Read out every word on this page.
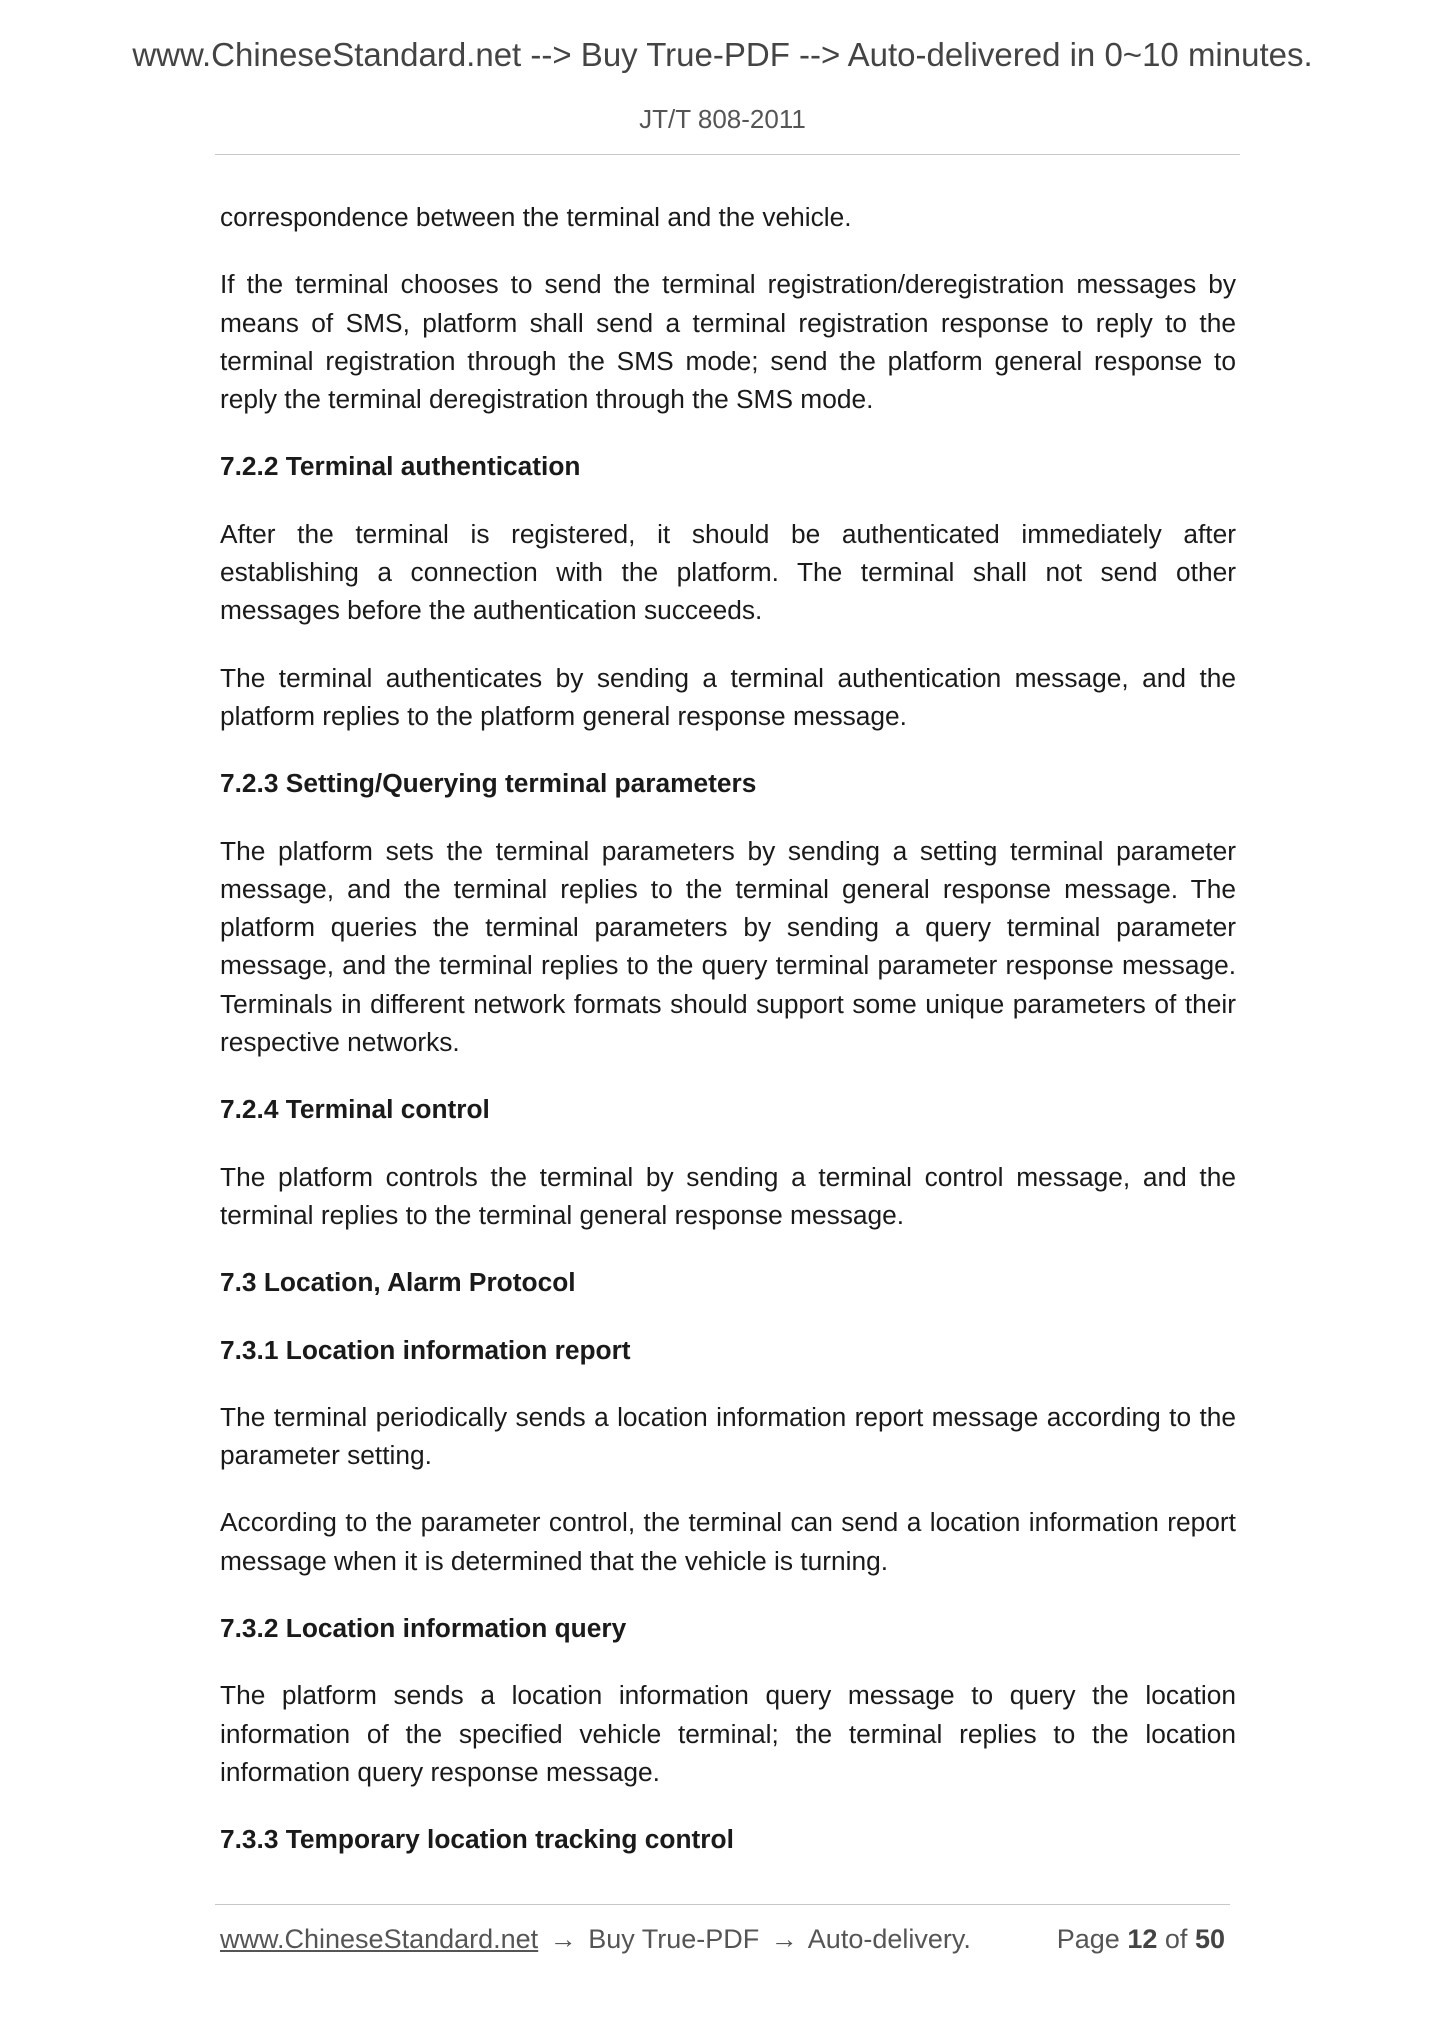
www.ChineseStandard.net --> Buy True-PDF --> Auto-delivered in 0~10 minutes.
JT/T 808-2011

correspondence between the terminal and the vehicle.

If the terminal chooses to send the terminal registration/deregistration messages by means of SMS, platform shall send a terminal registration response to reply to the terminal registration through the SMS mode; send the platform general response to reply the terminal deregistration through the SMS mode.

7.2.2 Terminal authentication

After the terminal is registered, it should be authenticated immediately after establishing a connection with the platform. The terminal shall not send other messages before the authentication succeeds.

The terminal authenticates by sending a terminal authentication message, and the platform replies to the platform general response message.

7.2.3 Setting/Querying terminal parameters

The platform sets the terminal parameters by sending a setting terminal parameter message, and the terminal replies to the terminal general response message. The platform queries the terminal parameters by sending a query terminal parameter message, and the terminal replies to the query terminal parameter response message. Terminals in different network formats should support some unique parameters of their respective networks.

7.2.4 Terminal control

The platform controls the terminal by sending a terminal control message, and the terminal replies to the terminal general response message.

7.3 Location, Alarm Protocol
7.3.1 Location information report

The terminal periodically sends a location information report message according to the parameter setting.

According to the parameter control, the terminal can send a location information report message when it is determined that the vehicle is turning.

7.3.2 Location information query

The platform sends a location information query message to query the location information of the specified vehicle terminal; the terminal replies to the location information query response message.

7.3.3 Temporary location tracking control
www.ChineseStandard.net → Buy True-PDF → Auto-delivery.	Page 12 of 50
